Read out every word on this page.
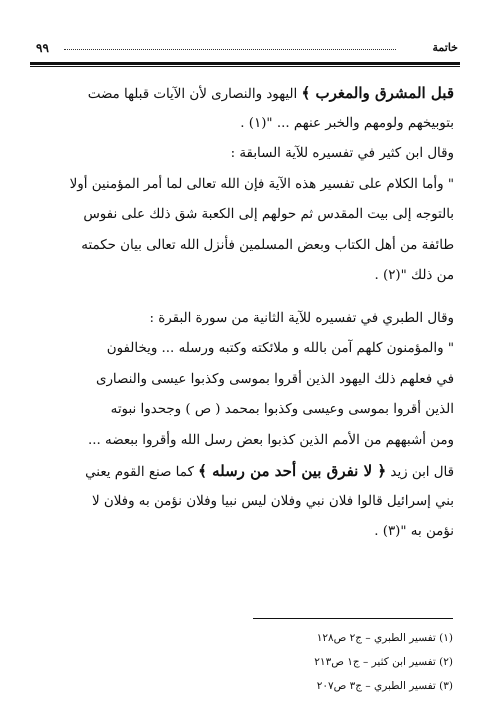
٩٩	خاتمة
قبل المشرق والمغرب ﴾ اليهود والنصارى لأن الآيات قبلها مضت
بتوبيخهم ولومهم والخبر عنهم ... "(١) .
وقال ابن كثير في تفسيره للآية السابقة :
" وأما الكلام على تفسير هذه الآية فإن الله تعالى لما أمر المؤمنين أولا
بالتوجه إلى بيت المقدس ثم حولهم إلى الكعبة شق ذلك على نفوس
طائفة من أهل الكتاب وبعض المسلمين فأنزل الله تعالى بيان حكمته
من ذلك "(٢) .
وقال الطبري في تفسيره للآية الثانية من سورة البقرة :
" والمؤمنون كلهم آمن بالله و ملائكته وكتبه ورسله ... ويخالفون
في فعلهم ذلك اليهود الذين أقروا بموسى وكذبوا عيسى والنصارى
الذين أقروا بموسى وعيسى وكذبوا بمحمد ( ص ) وجحدوا نبوته
ومن أشبههم من الأمم الذين كذبوا بعض رسل الله وأقروا ببعضه ...
قال ابن زيد ﴿ لا نفرق بين أحد من رسله ﴾ كما صنع القوم يعني
بني إسرائيل قالوا فلان نبي وفلان ليس نبيا وفلان نؤمن به وفلان لا
نؤمن به "(٣) .
(١) تفسير الطبري – ج٢ ص١٢٨
(٢) تفسير ابن كثير – ج١ ص٢١٣
(٣) تفسير الطبري – ج٣ ص٢٠٧
